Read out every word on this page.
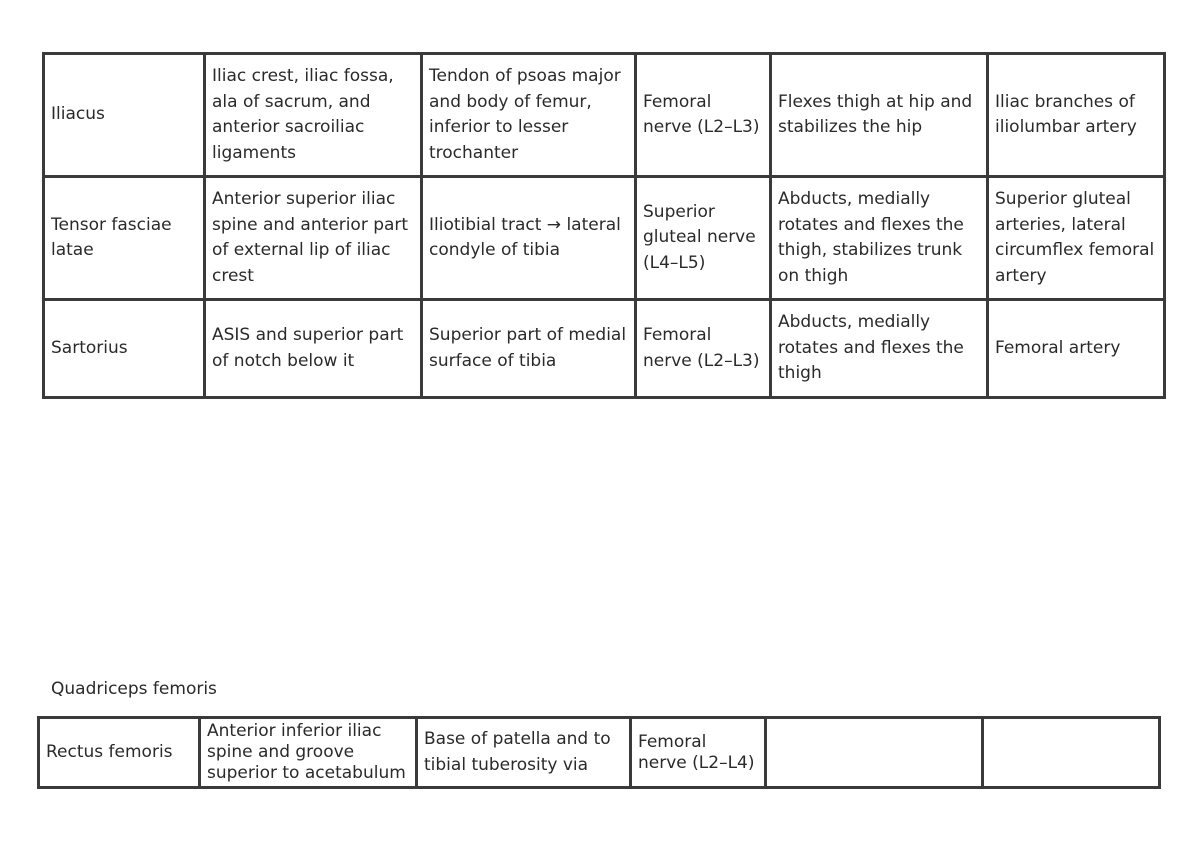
Iliacus	Iliac crest, iliac fossa, ala of sacrum, and anterior sacroiliac ligaments	Tendon of psoas major and body of femur, inferior to lesser trochanter	Femoral nerve (L2–L3)	Flexes thigh at hip and stabilizes the hip	Iliac branches of iliolumbar artery
Tensor fasciae latae	Anterior superior iliac spine and anterior part of external lip of iliac crest	Iliotibial tract → lateral condyle of tibia	Superior gluteal nerve (L4–L5)	Abducts, medially rotates and flexes the thigh, stabilizes trunk on thigh	Superior gluteal arteries, lateral circumflex femoral artery
Sartorius	ASIS and superior part of notch below it	Superior part of medial surface of tibia	Femoral nerve (L2–L3)	Abducts, medially rotates and flexes the thigh	Femoral artery
Quadriceps femoris
Rectus femoris	Anterior inferior iliac spine and groove superior to acetabulum	Base of patella and to tibial tuberosity via	Femoral nerve (L2–L4)		
